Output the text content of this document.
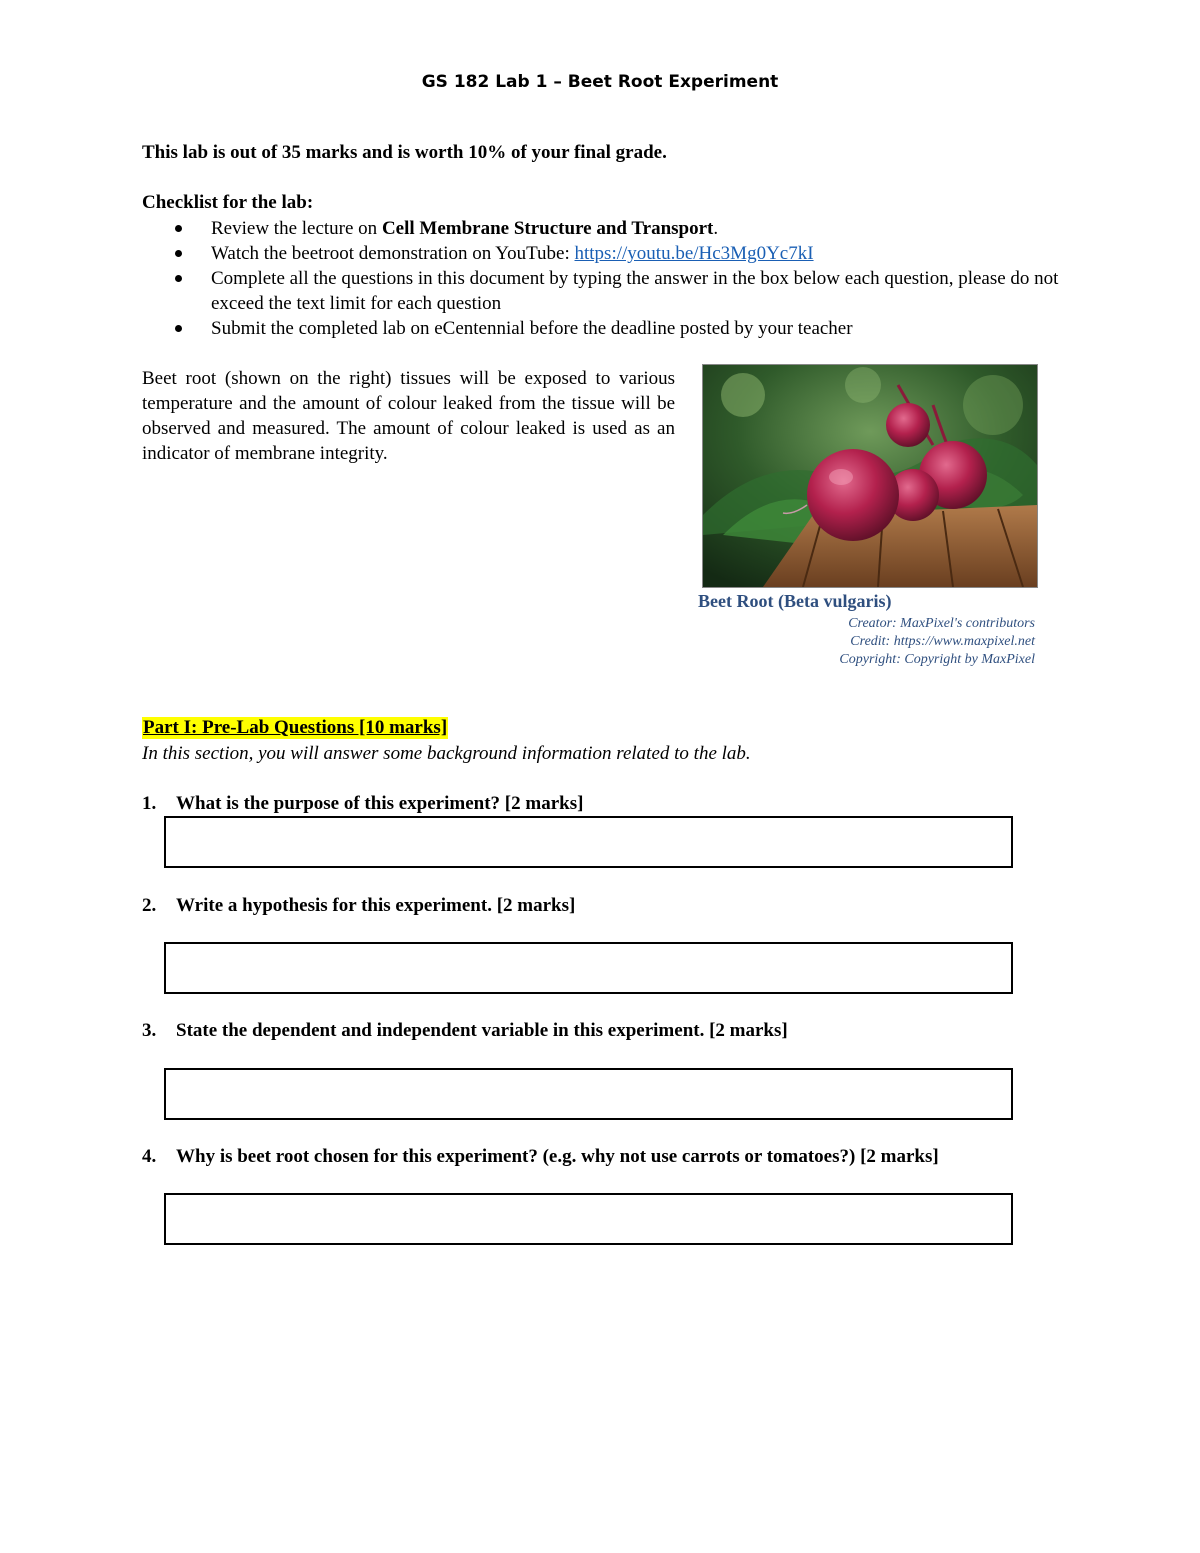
GS 182 Lab 1 – Beet Root Experiment
This lab is out of 35 marks and is worth 10% of your final grade.
Checklist for the lab:
Review the lecture on Cell Membrane Structure and Transport.
Watch the beetroot demonstration on YouTube: https://youtu.be/Hc3Mg0Yc7kI
Complete all the questions in this document by typing the answer in the box below each question, please do not exceed the text limit for each question
Submit the completed lab on eCentennial before the deadline posted by your teacher
Beet root (shown on the right) tissues will be exposed to various temperature and the amount of colour leaked from the tissue will be observed and measured. The amount of colour leaked is used as an indicator of membrane integrity.
Beet Root (Beta vulgaris)
Creator: MaxPixel's contributors
Credit: https://www.maxpixel.net
Copyright: Copyright by MaxPixel
Part I: Pre-Lab Questions [10 marks]
In this section, you will answer some background information related to the lab.
1. What is the purpose of this experiment? [2 marks]
2. Write a hypothesis for this experiment. [2 marks]
3. State the dependent and independent variable in this experiment. [2 marks]
4. Why is beet root chosen for this experiment? (e.g. why not use carrots or tomatoes?) [2 marks]
